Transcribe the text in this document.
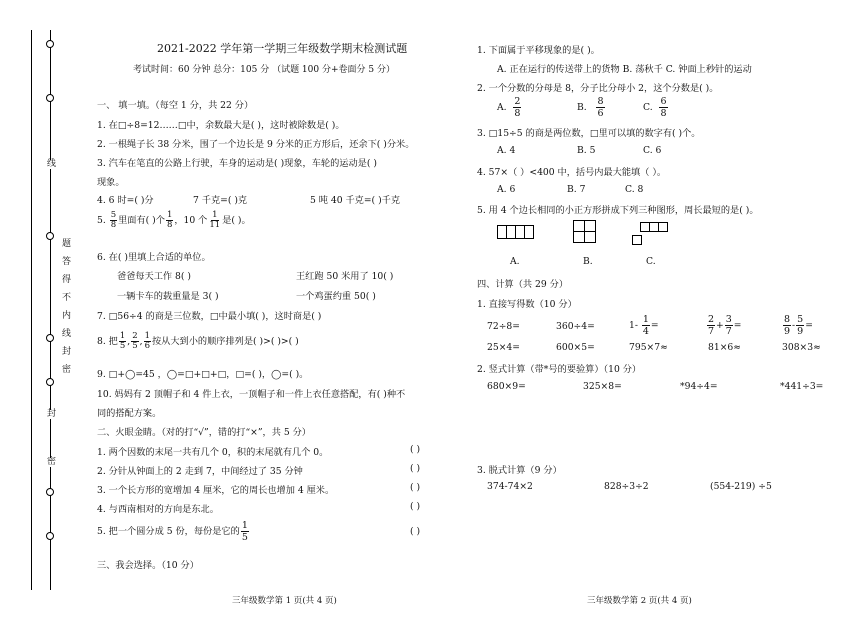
线
封
密
题
答
得
不
内
线
封
密
2021-2022 学年第一学期三年级数学期末检测试题
考试时间：60 分钟 总分：105 分 （试题 100 分+卷面分 5 分）
一、 填一填。（每空 1 分，共 22 分）
1. 在□÷8=12……□中，余数最大是( )，这时被除数是( )。
2. 一根绳子长 38 分米，围了一个边长是 9 分米的正方形后，还余下( )分米。
3. 汽车在笔直的公路上行驶，车身的运动是( )现象，车轮的运动是( )
现象。
4. 6 时=( )分	7 千克=( )克	5 吨 40 千克=( )千克
5. $\frac{5}{8}$ 里面有( )个 $\frac{1}{8}$ ，10 个 $\frac{1}{11}$ 是( )。
6. 在( )里填上合适的单位。
爸爸每天工作 8( )	王红跑 50 米用了 10( )
一辆卡车的载重量是 3( )	一个鸡蛋约重 50( )
7. □56÷4 的商是三位数，□中最小填( )，这时商是( )
8. 把 $\frac{1}{5}$ , $\frac{2}{5}$ , $\frac{1}{6}$ 按从大到小的顺序排列是( )>( )>( )
9. □+◯=45 ，◯=□+□+□，□=( )，◯=( )。
10. 妈妈有 2 顶帽子和 4 件上衣，一顶帽子和一件上衣任意搭配，有( )种不
同的搭配方案。
二、火眼金睛。（对的打“√”，错的打“×”，共 5 分）
1. 两个因数的末尾一共有几个 0，积的末尾就有几个 0。	( )
2. 分针从钟面上的 2 走到 7，中间经过了 35 分钟	( )
3. 一个长方形的宽增加 4 厘米，它的周长也增加 4 厘米。	( )
4. 与西南相对的方向是东北。	( )
5. 把一个圆分成 5 份，每份是它的 $\frac{1}{5}$	( )
三、我会选择。（10 分）
三年级数学第 1 页(共 4 页)
1. 下面属于平移现象的是( )。
A. 正在运行的传送带上的货物 B. 荡秋千 C. 钟面上秒针的运动
2. 一个分数的分母是 8，分子比分母小 2，这个分数是( )。
A. $\frac{2}{8}$	B. $\frac{8}{6}$	C. $\frac{6}{8}$
3. □15÷5 的商是两位数，□里可以填的数字有( )个。
A. 4	B. 5	C. 6
4. 57×（ ）<400 中，括号内最大能填（ ）。
A. 6	B. 7	C. 8
5. 用 4 个边长相同的小正方形拼成下列三种图形，周长最短的是( )。
A.	B.	C.
四、计算（共 29 分）
1. 直接写得数（10 分）
72÷8=	360÷4=	$1- \frac{1}{4}$ =	$\frac{2}{7} + \frac{3}{7}$ =	$\frac{8}{9} - \frac{5}{9}$ =
25×4=	600×5=	795×7≈	81×6≈	308×3≈
2. 竖式计算（带*号的要验算）（10 分）
680×9=	325×8=	*94÷4=	*441÷3=
3. 脱式计算（9 分）
374-74×2	828÷3÷2	(554-219) ÷5
三年级数学第 2 页(共 4 页)
